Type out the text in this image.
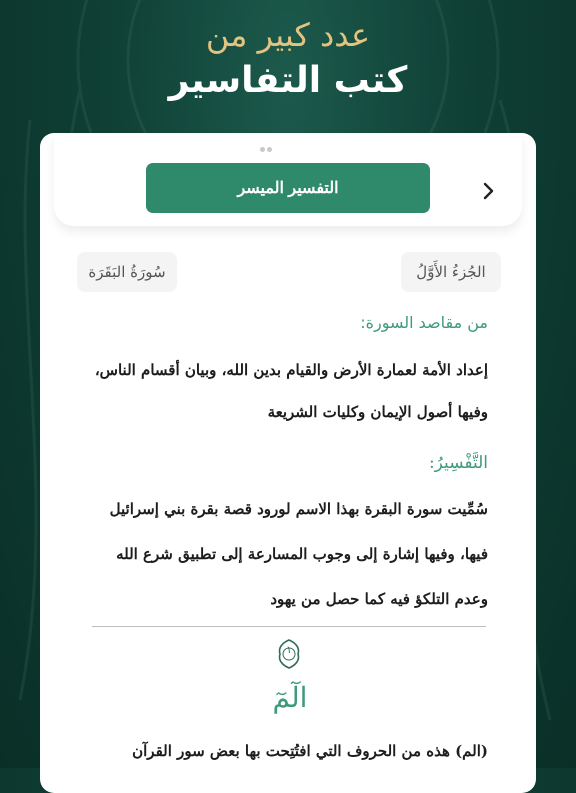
عدد كبير من
كتب التفاسير
التفسير الميسر
سُورَةُ البَقَرَة	الجُزءُ الأَوَّلُ
من مقاصد السورة:
إعداد الأمة لعمارة الأرض والقيام بدين الله، وبيان أقسام الناس، وفيها أصول الإيمان وكليات الشريعة
التَّفْسِيرُ:
سُمِّيت سورة البقرة بهذا الاسم لورود قصة بقرة بني إسرائيل فيها، وفيها إشارة إلى وجوب المسارعة إلى تطبيق شرع الله وعدم التلكؤ فيه كما حصل من يهود
١
الٓمٓ
(الم) هذه من الحروف التي افتُتِحت بها بعض سور القرآن
